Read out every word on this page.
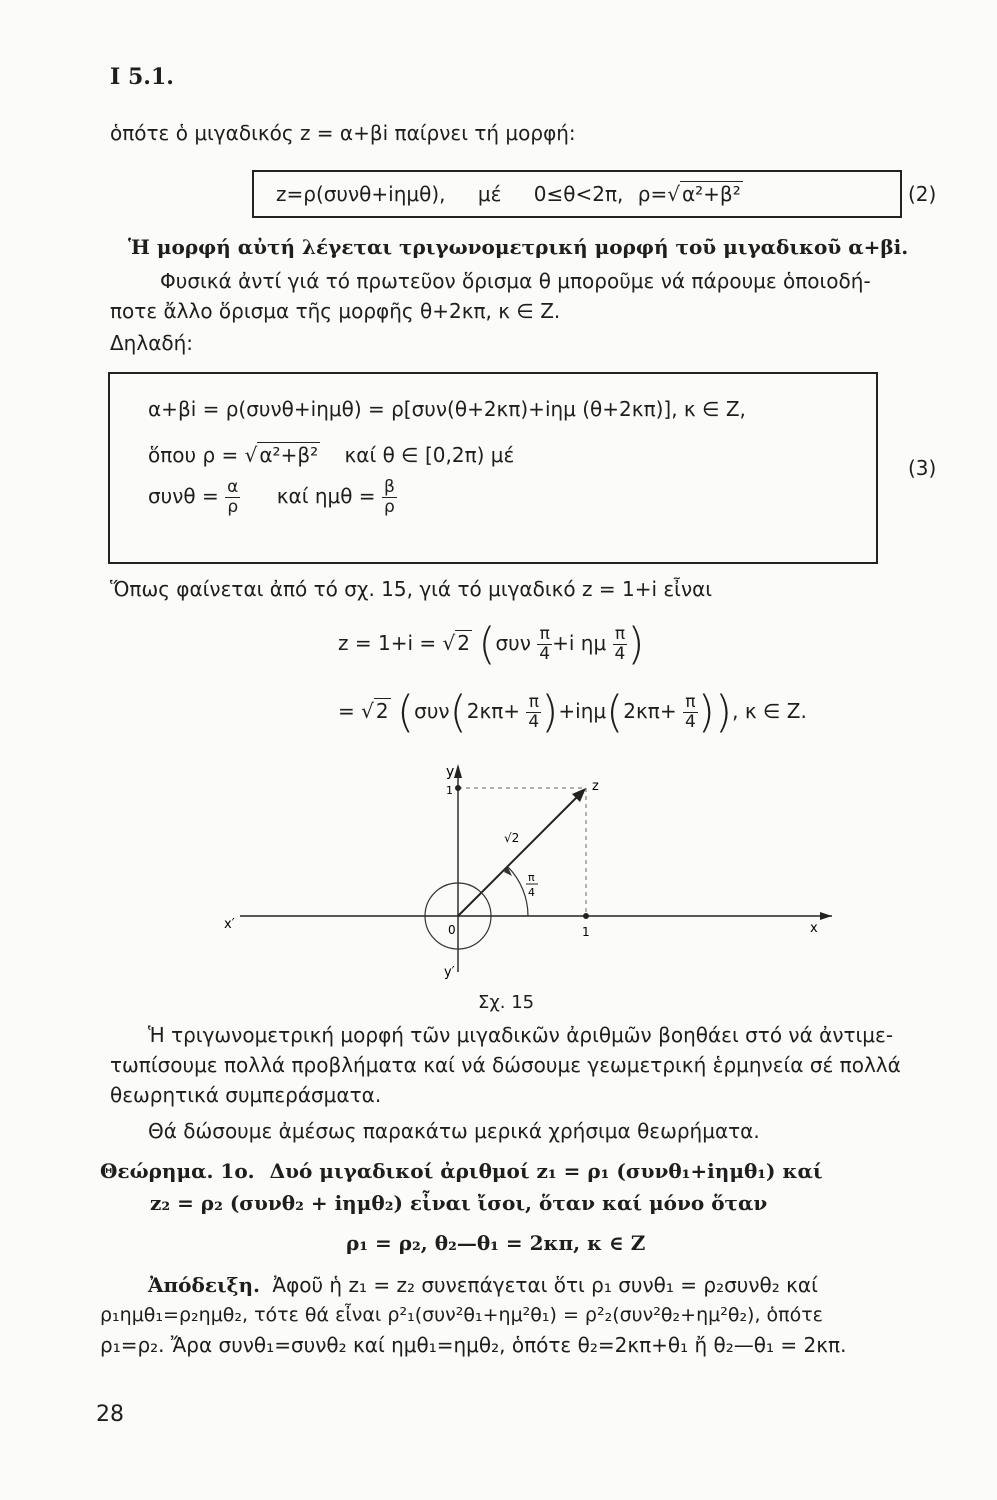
I 5.1.
ὁπότε ὁ μιγαδικός z = α+βi παίρνει τή μορφή:
z=ρ(συνθ+iημθ), μέ 0≤θ<2π, ρ=√ α²+β²	(2)
Ἡ μορφή αὐτή λέγεται τριγωνομετρική μορφή τοῦ μιγαδικοῦ α+βi.
Φυσικά ἀντί γιά τό πρωτεῦον ὅρισμα θ μποροῦμε νά πάρουμε ὁποιοδή-
ποτε ἄλλο ὅρισμα τῆς μορφῆς θ+2κπ, κ ∈ Z.
Δηλαδή:
α+βi = ρ(συνθ+iημθ) = ρ[συν(θ+2κπ)+iημ (θ+2κπ)], κ ∈ Z,
ὅπου ρ = √ α²+β² καί θ ∈ [0,2π) μέ
$\sigma\upsilon\nu\theta = \frac{\alpha}{\rho}$ καί $\eta\mu\theta = \frac{\beta}{\rho}$
(3)
Ὅπως φαίνεται ἀπό τό σχ. 15, γιά τό μιγαδικό z = 1+i εἶναι
z = 1+i = √ 2 ($\sigma\upsilon\nu \frac{\pi}{4} +i$ ημ $\frac{\pi}{4}$ )
= √ 2 ($\sigma\upsilon\nu(2\kappa\pi+ \frac{\pi}{4} )+i\eta\mu(2\kappa\pi+ \frac{\pi}{4}$ )), κ ∈ Z.
y
1	z
√2
π
4
x′	0	1	x
y′
Σχ. 15
Ἡ τριγωνομετρική μορφή τῶν μιγαδικῶν ἀριθμῶν βοηθάει στό νά ἀντιμε-
τωπίσουμε πολλά προβλήματα καί νά δώσουμε γεωμετρική ἑρμηνεία σέ πολλά
θεωρητικά συμπεράσματα.
Θά δώσουμε ἀμέσως παρακάτω μερικά χρήσιμα θεωρήματα.
Θεώρημα. 1ο. Δυό μιγαδικοί ἀριθμοί z₁ = ρ₁ (συνθ₁+iημθ₁) καί
z₂ = ρ₂ (συνθ₂ + iημθ₂) εἶναι ἴσοι, ὅταν καί μόνο ὅταν
ρ₁ = ρ₂, θ₂—θ₁ = 2κπ, κ ∈ Z
Ἀπόδειξη. Ἀφοῦ ἡ z₁ = z₂ συνεπάγεται ὅτι ρ₁ συνθ₁ = ρ₂συνθ₂ καί
ρ₁ημθ₁=ρ₂ημθ₂, τότε θά εἶναι ρ²₁(συν²θ₁+ημ²θ₁) = ρ²₂(συν²θ₂+ημ²θ₂), ὁπότε
ρ₁=ρ₂. Ἄρα συνθ₁=συνθ₂ καί ημθ₁=ημθ₂, ὁπότε θ₂=2κπ+θ₁ ἤ θ₂—θ₁ = 2κπ.
28
